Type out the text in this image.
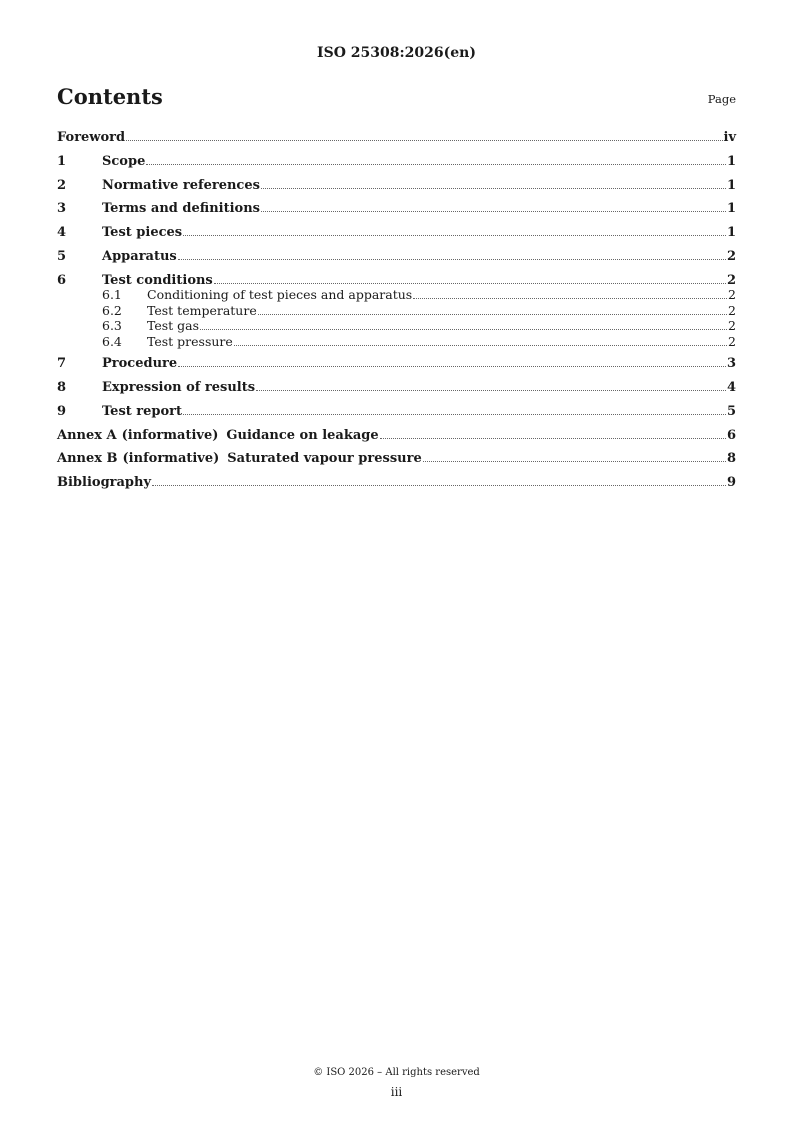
ISO 25308:2026(en)
Contents	Page
Foreword	iv
1	Scope	1
2	Normative references	1
3	Terms and definitions	1
4	Test pieces	1
5	Apparatus	2
6	Test conditions	2
6.1	Conditioning of test pieces and apparatus	2
6.2	Test temperature	2
6.3	Test gas	2
6.4	Test pressure	2
7	Procedure	3
8	Expression of results	4
9	Test report	5
Annex A (informative) Guidance on leakage	6
Annex B (informative) Saturated vapour pressure	8
Bibliography	9
© ISO 2026 – All rights reserved
iii
